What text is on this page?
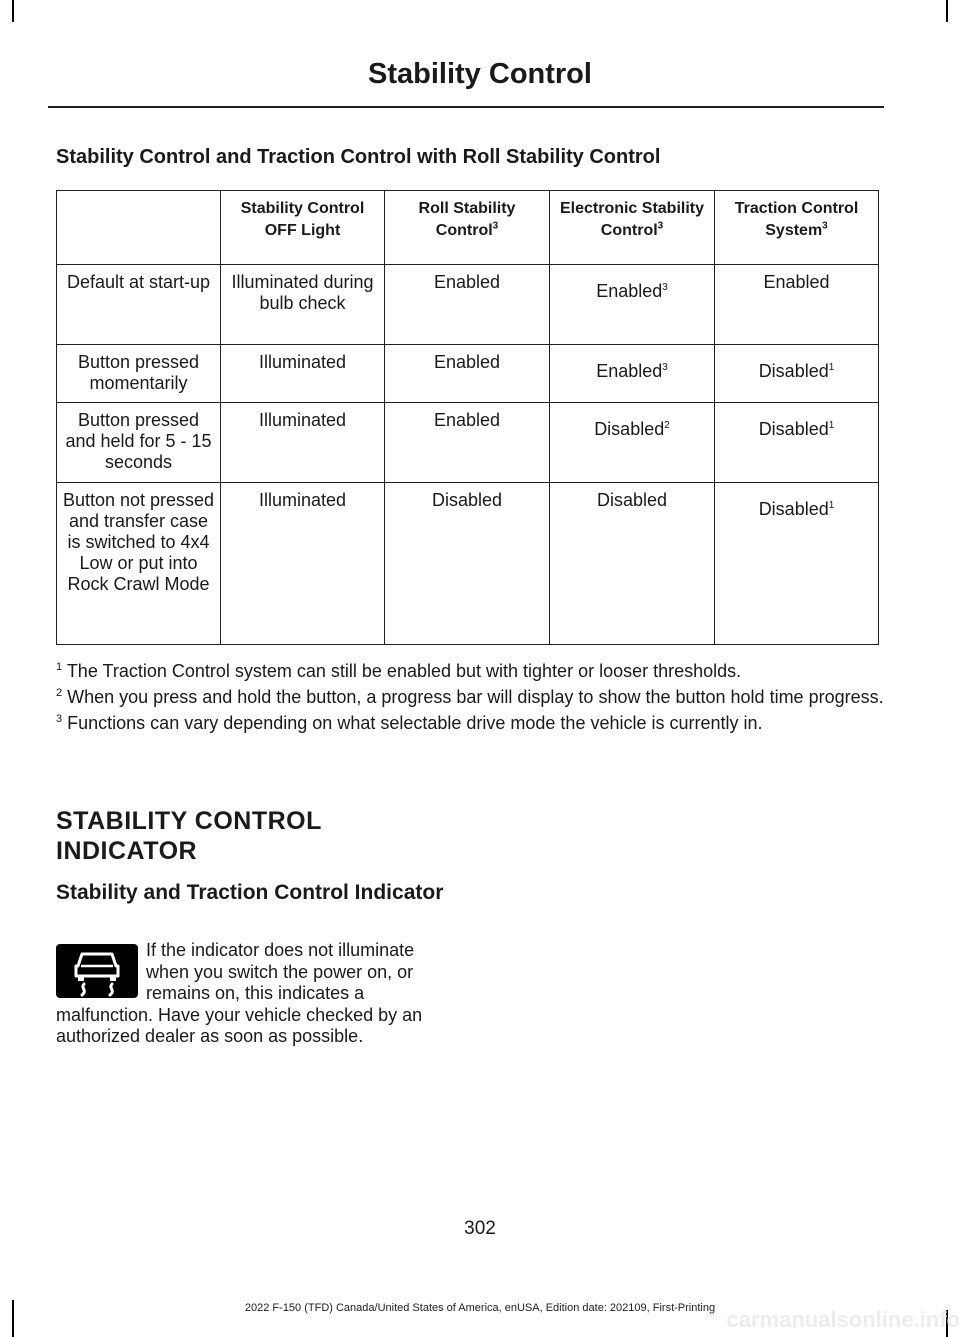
Stability Control
Stability Control and Traction Control with Roll Stability Control
	Stability Control OFF Light	Roll Stability Control$^3$	Electronic Stability Control$^3$	Traction Control System$^3$
Default at start-up	Illuminated during bulb check	Enabled	Enabled$^3$	Enabled
Button pressed momentarily	Illuminated	Enabled	Enabled$^3$	Disabled$^1$
Button pressed and held for 5 - 15 seconds	Illuminated	Enabled	Disabled$^2$	Disabled$^1$
Button not pressed and transfer case is switched to 4x4 Low or put into Rock Crawl Mode	Illuminated	Disabled	Disabled	Disabled$^1$

$^1$ The Traction Control system can still be enabled but with tighter or looser thresholds.

$^2$ When you press and hold the button, a progress bar will display to show the button hold time progress.

$^3$ Functions can vary depending on what selectable drive mode the vehicle is currently in.

STABILITY CONTROL
INDICATOR
Stability and Traction Control Indicator

If the indicator does not illuminate when you switch the power on, or remains on, this indicates a malfunction. Have your vehicle checked by an authorized dealer as soon as possible.

302

2022 F-150 (TFD) Canada/United States of America, enUSA, Edition date: 202109, First-Printing carmanualsonline.info
